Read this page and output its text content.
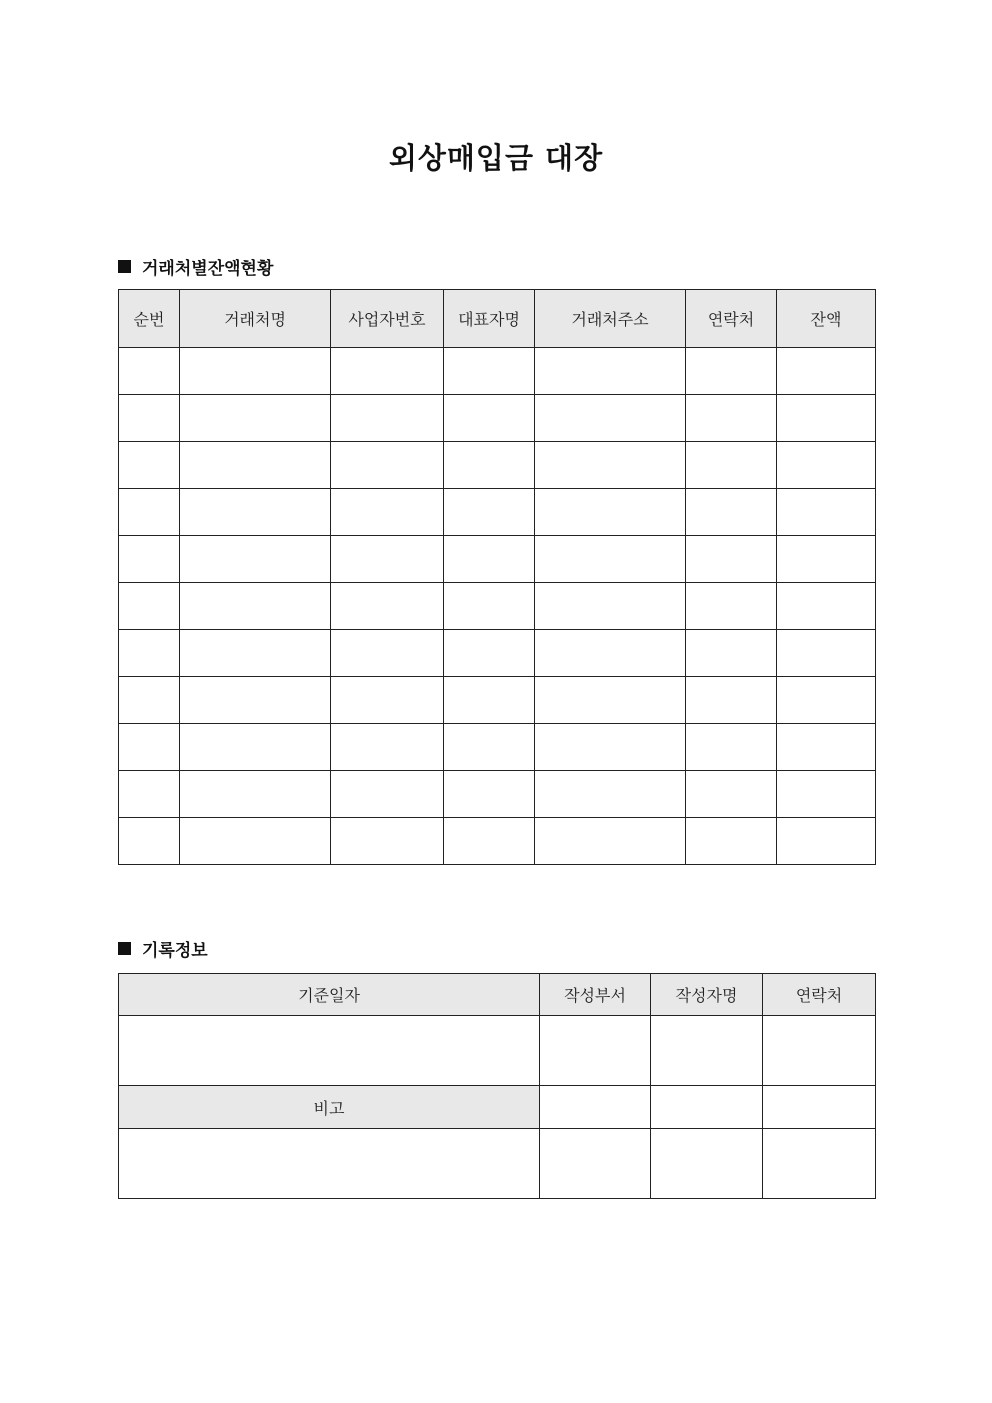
외상매입금 대장
거래처별잔액현황
순번	거래처명	사업자번호	대표자명	거래처주소	연락처	잔액

기록정보
기준일자	작성부서	작성자명	연락처

비고			
